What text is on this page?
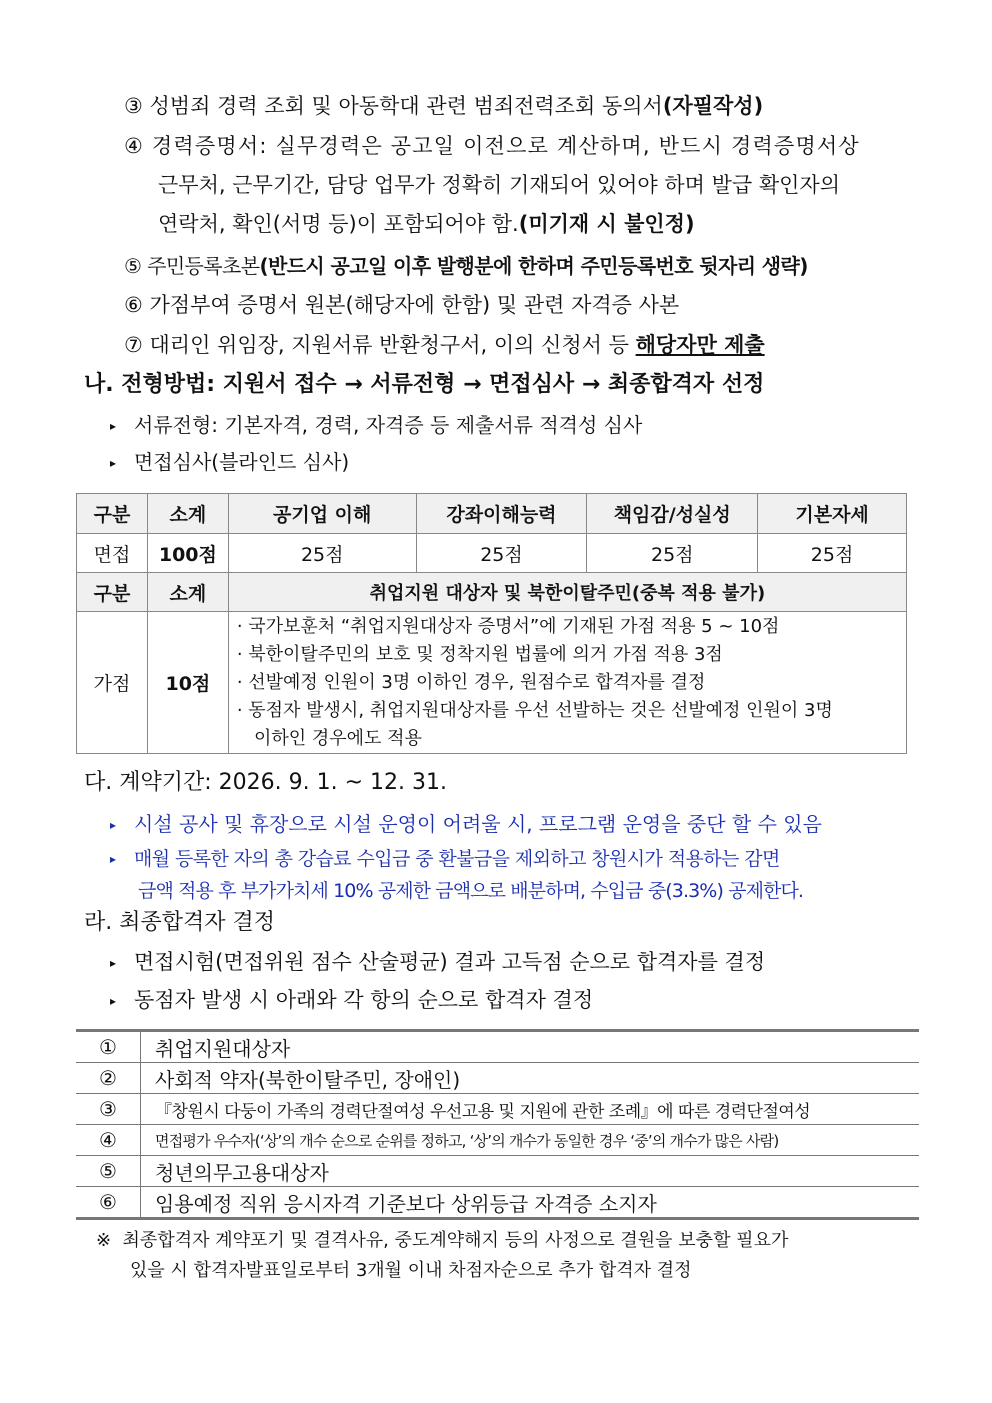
③ 성범죄 경력 조회 및 아동학대 관련 범죄전력조회 동의서(자필작성)
④ 경력증명서: 실무경력은 공고일 이전으로 계산하며, 반드시 경력증명서상
근무처, 근무기간, 담당 업무가 정확히 기재되어 있어야 하며 발급 확인자의
연락처, 확인(서명 등)이 포함되어야 함.(미기재 시 불인정)
⑤ 주민등록초본(반드시 공고일 이후 발행분에 한하며 주민등록번호 뒷자리 생략)
⑥ 가점부여 증명서 원본(해당자에 한함) 및 관련 자격증 사본
⑦ 대리인 위임장, 지원서류 반환청구서, 이의 신청서 등 해당자만 제출
나. 전형방법: 지원서 접수 → 서류전형 → 면접심사 → 최종합격자 선정
▸ 서류전형: 기본자격, 경력, 자격증 등 제출서류 적격성 심사
▸ 면접심사(블라인드 심사)
구분	소계	공기업 이해	강좌이해능력	책임감/성실성	기본자세
면접	100점	25점	25점	25점	25점
구분	소계	취업지원 대상자 및 북한이탈주민(중복 적용 불가)			
가점	10점	· 국가보훈처 “취업지원대상자 증명서”에 기재된 가점 적용 5 ~ 10점
· 북한이탈주민의 보호 및 정착지원 법률에 의거 가점 적용 3점
· 선발예정 인원이 3명 이하인 경우, 원점수로 합격자를 결정
· 동점자 발생시, 취업지원대상자를 우선 선발하는 것은 선발예정 인원이 3명
이하인 경우에도 적용			
다. 계약기간: 2026. 9. 1. ~ 12. 31.
▸ 시설 공사 및 휴장으로 시설 운영이 어려울 시, 프로그램 운영을 중단 할 수 있음
▸ 매월 등록한 자의 총 강습료 수입금 중 환불금을 제외하고 창원시가 적용하는 감면
금액 적용 후 부가가치세 10% 공제한 금액으로 배분하며, 수입금 중(3.3%) 공제한다.
라. 최종합격자 결정
▸ 면접시험(면접위원 점수 산술평균) 결과 고득점 순으로 합격자를 결정
▸ 동점자 발생 시 아래와 각 항의 순으로 합격자 결정
①	취업지원대상자
②	사회적 약자(북한이탈주민, 장애인)
③	『창원시 다둥이 가족의 경력단절여성 우선고용 및 지원에 관한 조례』에 따른 경력단절여성
④	면접평가 우수자(‘상’의 개수 순으로 순위를 정하고, ‘상’의 개수가 동일한 경우 ‘중’의 개수가 많은 사람)
⑤	청년의무고용대상자
⑥	임용예정 직위 응시자격 기준보다 상위등급 자격증 소지자
※ 최종합격자 계약포기 및 결격사유, 중도계약해지 등의 사정으로 결원을 보충할 필요가
있을 시 합격자발표일로부터 3개월 이내 차점자순으로 추가 합격자 결정
